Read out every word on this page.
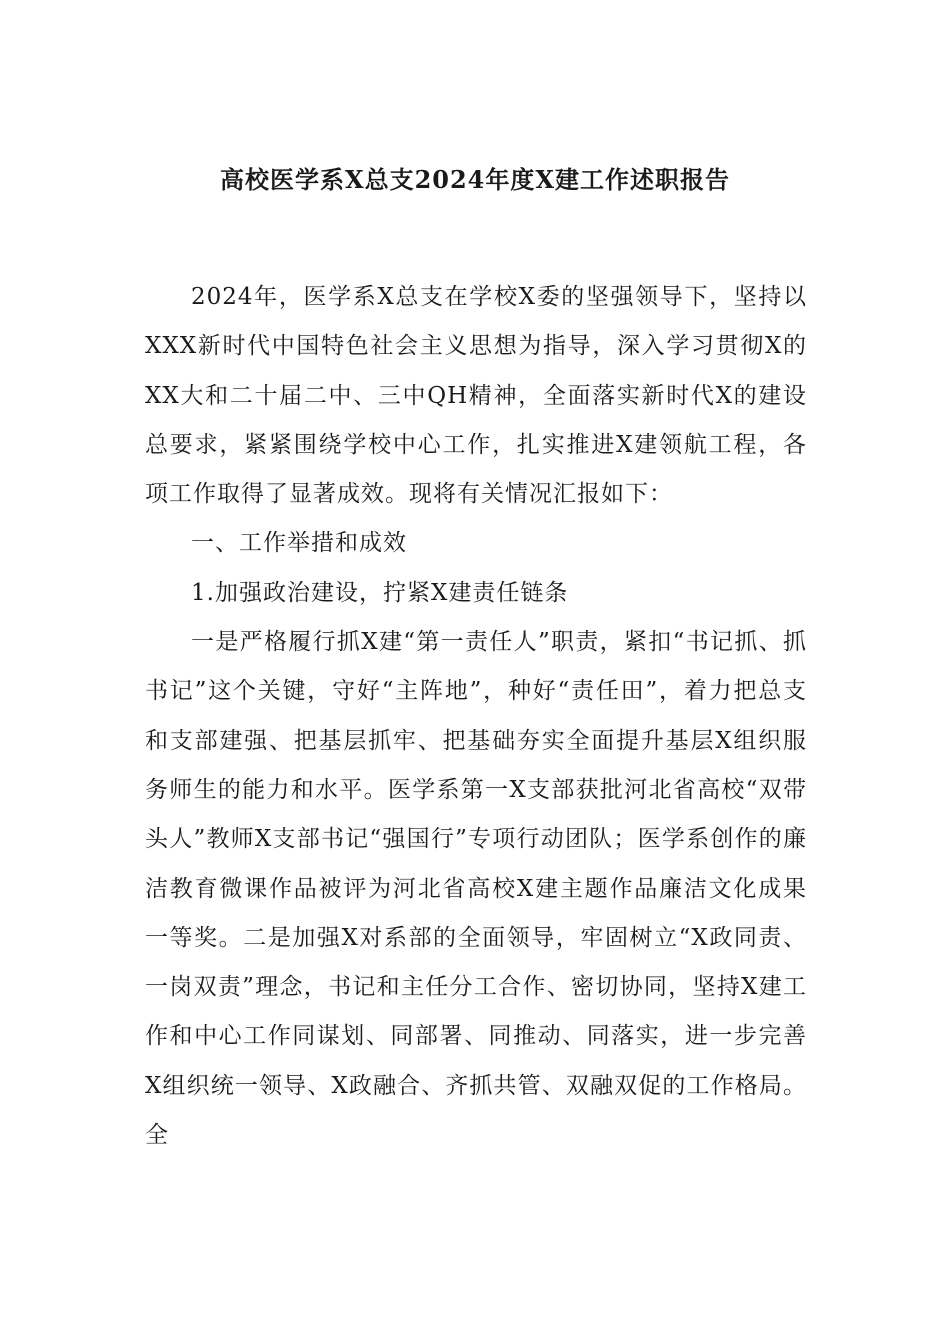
高校医学系X总支2024年度X建工作述职报告

2024年，医学系X总支在学校X委的坚强领导下，坚持以XXX新时代中国特色社会主义思想为指导，深入学习贯彻X的XX大和二十届二中、三中QH精神，全面落实新时代X的建设总要求，紧紧围绕学校中心工作，扎实推进X建领航工程，各项工作取得了显著成效。现将有关情况汇报如下：

一、工作举措和成效

1.加强政治建设，拧紧X建责任链条

一是严格履行抓X建“第一责任人”职责，紧扣“书记抓、抓书记”这个关键，守好“主阵地”，种好“责任田”，着力把总支和支部建强、把基层抓牢、把基础夯实全面提升基层X组织服务师生的能力和水平。医学系第一X支部获批河北省高校“双带头人”教师X支部书记“强国行”专项行动团队；医学系创作的廉洁教育微课作品被评为河北省高校X建主题作品廉洁文化成果一等奖。二是加强X对系部的全面领导，牢固树立“X政同责、一岗双责”理念，书记和主任分工合作、密切协同，坚持X建工作和中心工作同谋划、同部署、同推动、同落实，进一步完善X组织统一领导、X政融合、齐抓共管、双融双促的工作格局。全
